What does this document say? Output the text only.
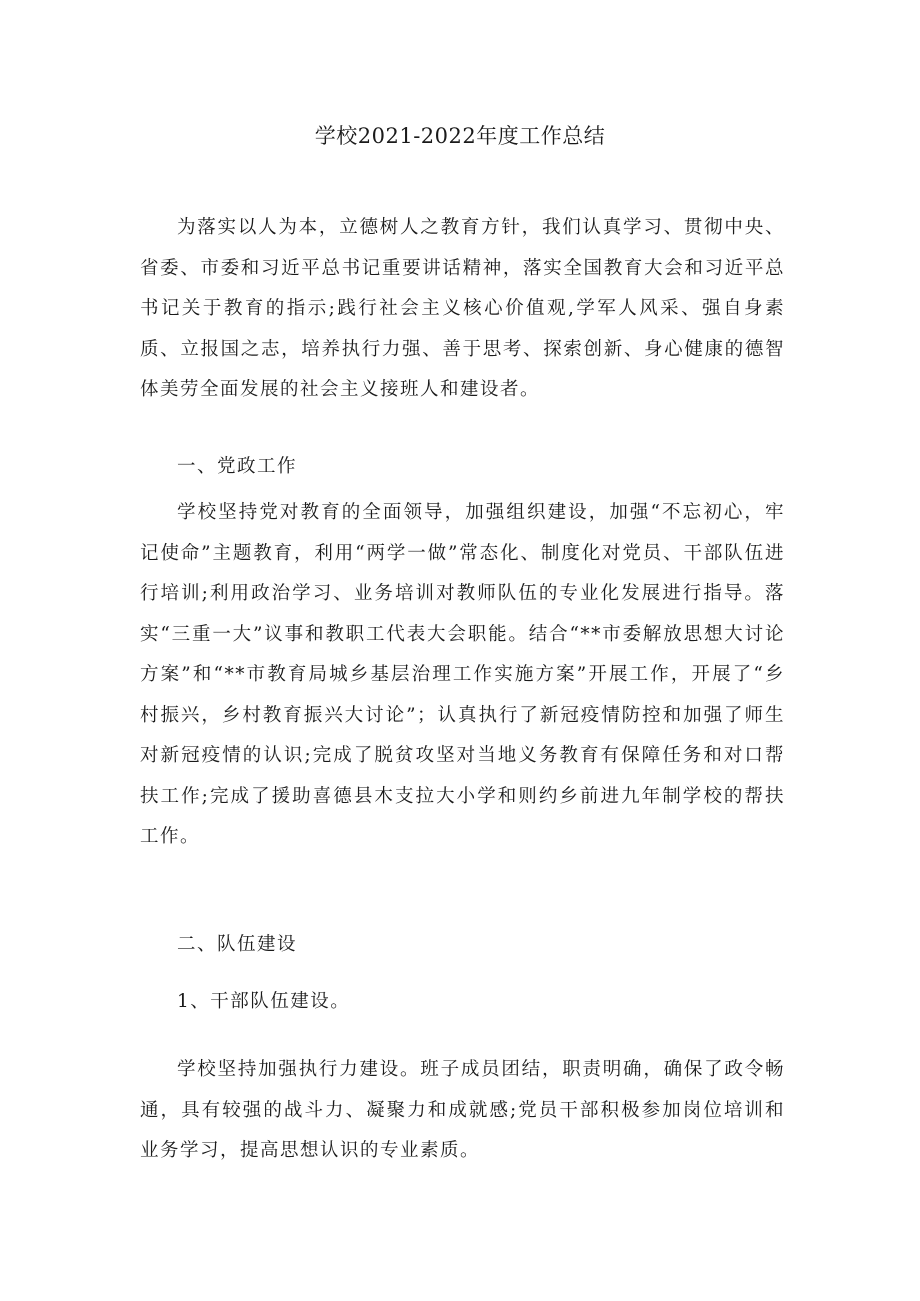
学校2021-2022年度工作总结

为落实以人为本，立德树人之教育方针，我们认真学习、贯彻中央、省委、市委和习近平总书记重要讲话精神，落实全国教育大会和习近平总书记关于教育的指示;践行社会主义核心价值观,学军人风采、强自身素质、立报国之志，培养执行力强、善于思考、探索创新、身心健康的德智体美劳全面发展的社会主义接班人和建设者。

一、党政工作

学校坚持党对教育的全面领导，加强组织建设，加强“不忘初心，牢记使命”主题教育，利用“两学一做”常态化、制度化对党员、干部队伍进行培训;利用政治学习、业务培训对教师队伍的专业化发展进行指导。落实“三重一大”议事和教职工代表大会职能。结合“**市委解放思想大讨论方案”和“**市教育局城乡基层治理工作实施方案”开展工作，开展了“乡村振兴，乡村教育振兴大讨论”；认真执行了新冠疫情防控和加强了师生对新冠疫情的认识;完成了脱贫攻坚对当地义务教育有保障任务和对口帮扶工作;完成了援助喜德县木支拉大小学和则约乡前进九年制学校的帮扶工作。

二、队伍建设

1、干部队伍建设。

学校坚持加强执行力建设。班子成员团结，职责明确，确保了政令畅通，具有较强的战斗力、凝聚力和成就感;党员干部积极参加岗位培训和业务学习，提高思想认识的专业素质。
